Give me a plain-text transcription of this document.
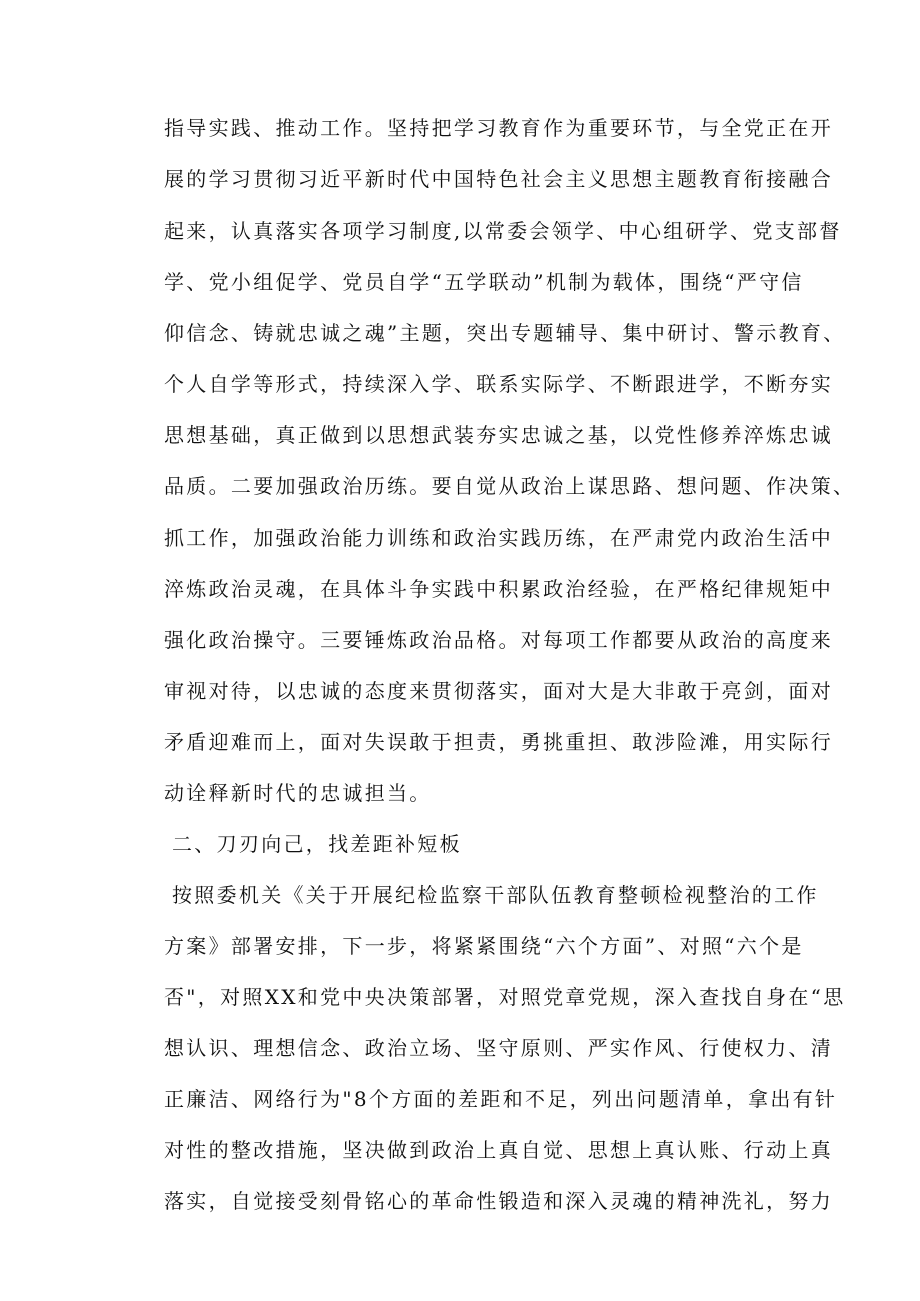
指导实践、推动工作。坚持把学习教育作为重要环节，与全党正在开
展的学习贯彻习近平新时代中国特色社会主义思想主题教育衔接融合
起来，认真落实各项学习制度,以常委会领学、中心组研学、党支部督
学、党小组促学、党员自学“五学联动”机制为载体，围绕“严守信
仰信念、铸就忠诚之魂”主题，突出专题辅导、集中研讨、警示教育、
个人自学等形式，持续深入学、联系实际学、不断跟进学，不断夯实
思想基础，真正做到以思想武装夯实忠诚之基，以党性修养淬炼忠诚
品质。二要加强政治历练。要自觉从政治上谋思路、想问题、作决策、
抓工作，加强政治能力训练和政治实践历练，在严肃党内政治生活中
淬炼政治灵魂，在具体斗争实践中积累政治经验，在严格纪律规矩中
强化政治操守。三要锤炼政治品格。对每项工作都要从政治的高度来
审视对待，以忠诚的态度来贯彻落实，面对大是大非敢于亮剑，面对
矛盾迎难而上，面对失误敢于担责，勇挑重担、敢涉险滩，用实际行
动诠释新时代的忠诚担当。
二、刀刃向己，找差距补短板
按照委机关《关于开展纪检监察干部队伍教育整顿检视整治的工作
方案》部署安排，下一步，将紧紧围绕“六个方面”、对照“六个是
否"，对照XX和党中央决策部署，对照党章党规，深入查找自身在“思
想认识、理想信念、政治立场、坚守原则、严实作风、行使权力、清
正廉洁、网络行为"8个方面的差距和不足，列出问题清单，拿出有针
对性的整改措施，坚决做到政治上真自觉、思想上真认账、行动上真
落实，自觉接受刻骨铭心的革命性锻造和深入灵魂的精神洗礼，努力
